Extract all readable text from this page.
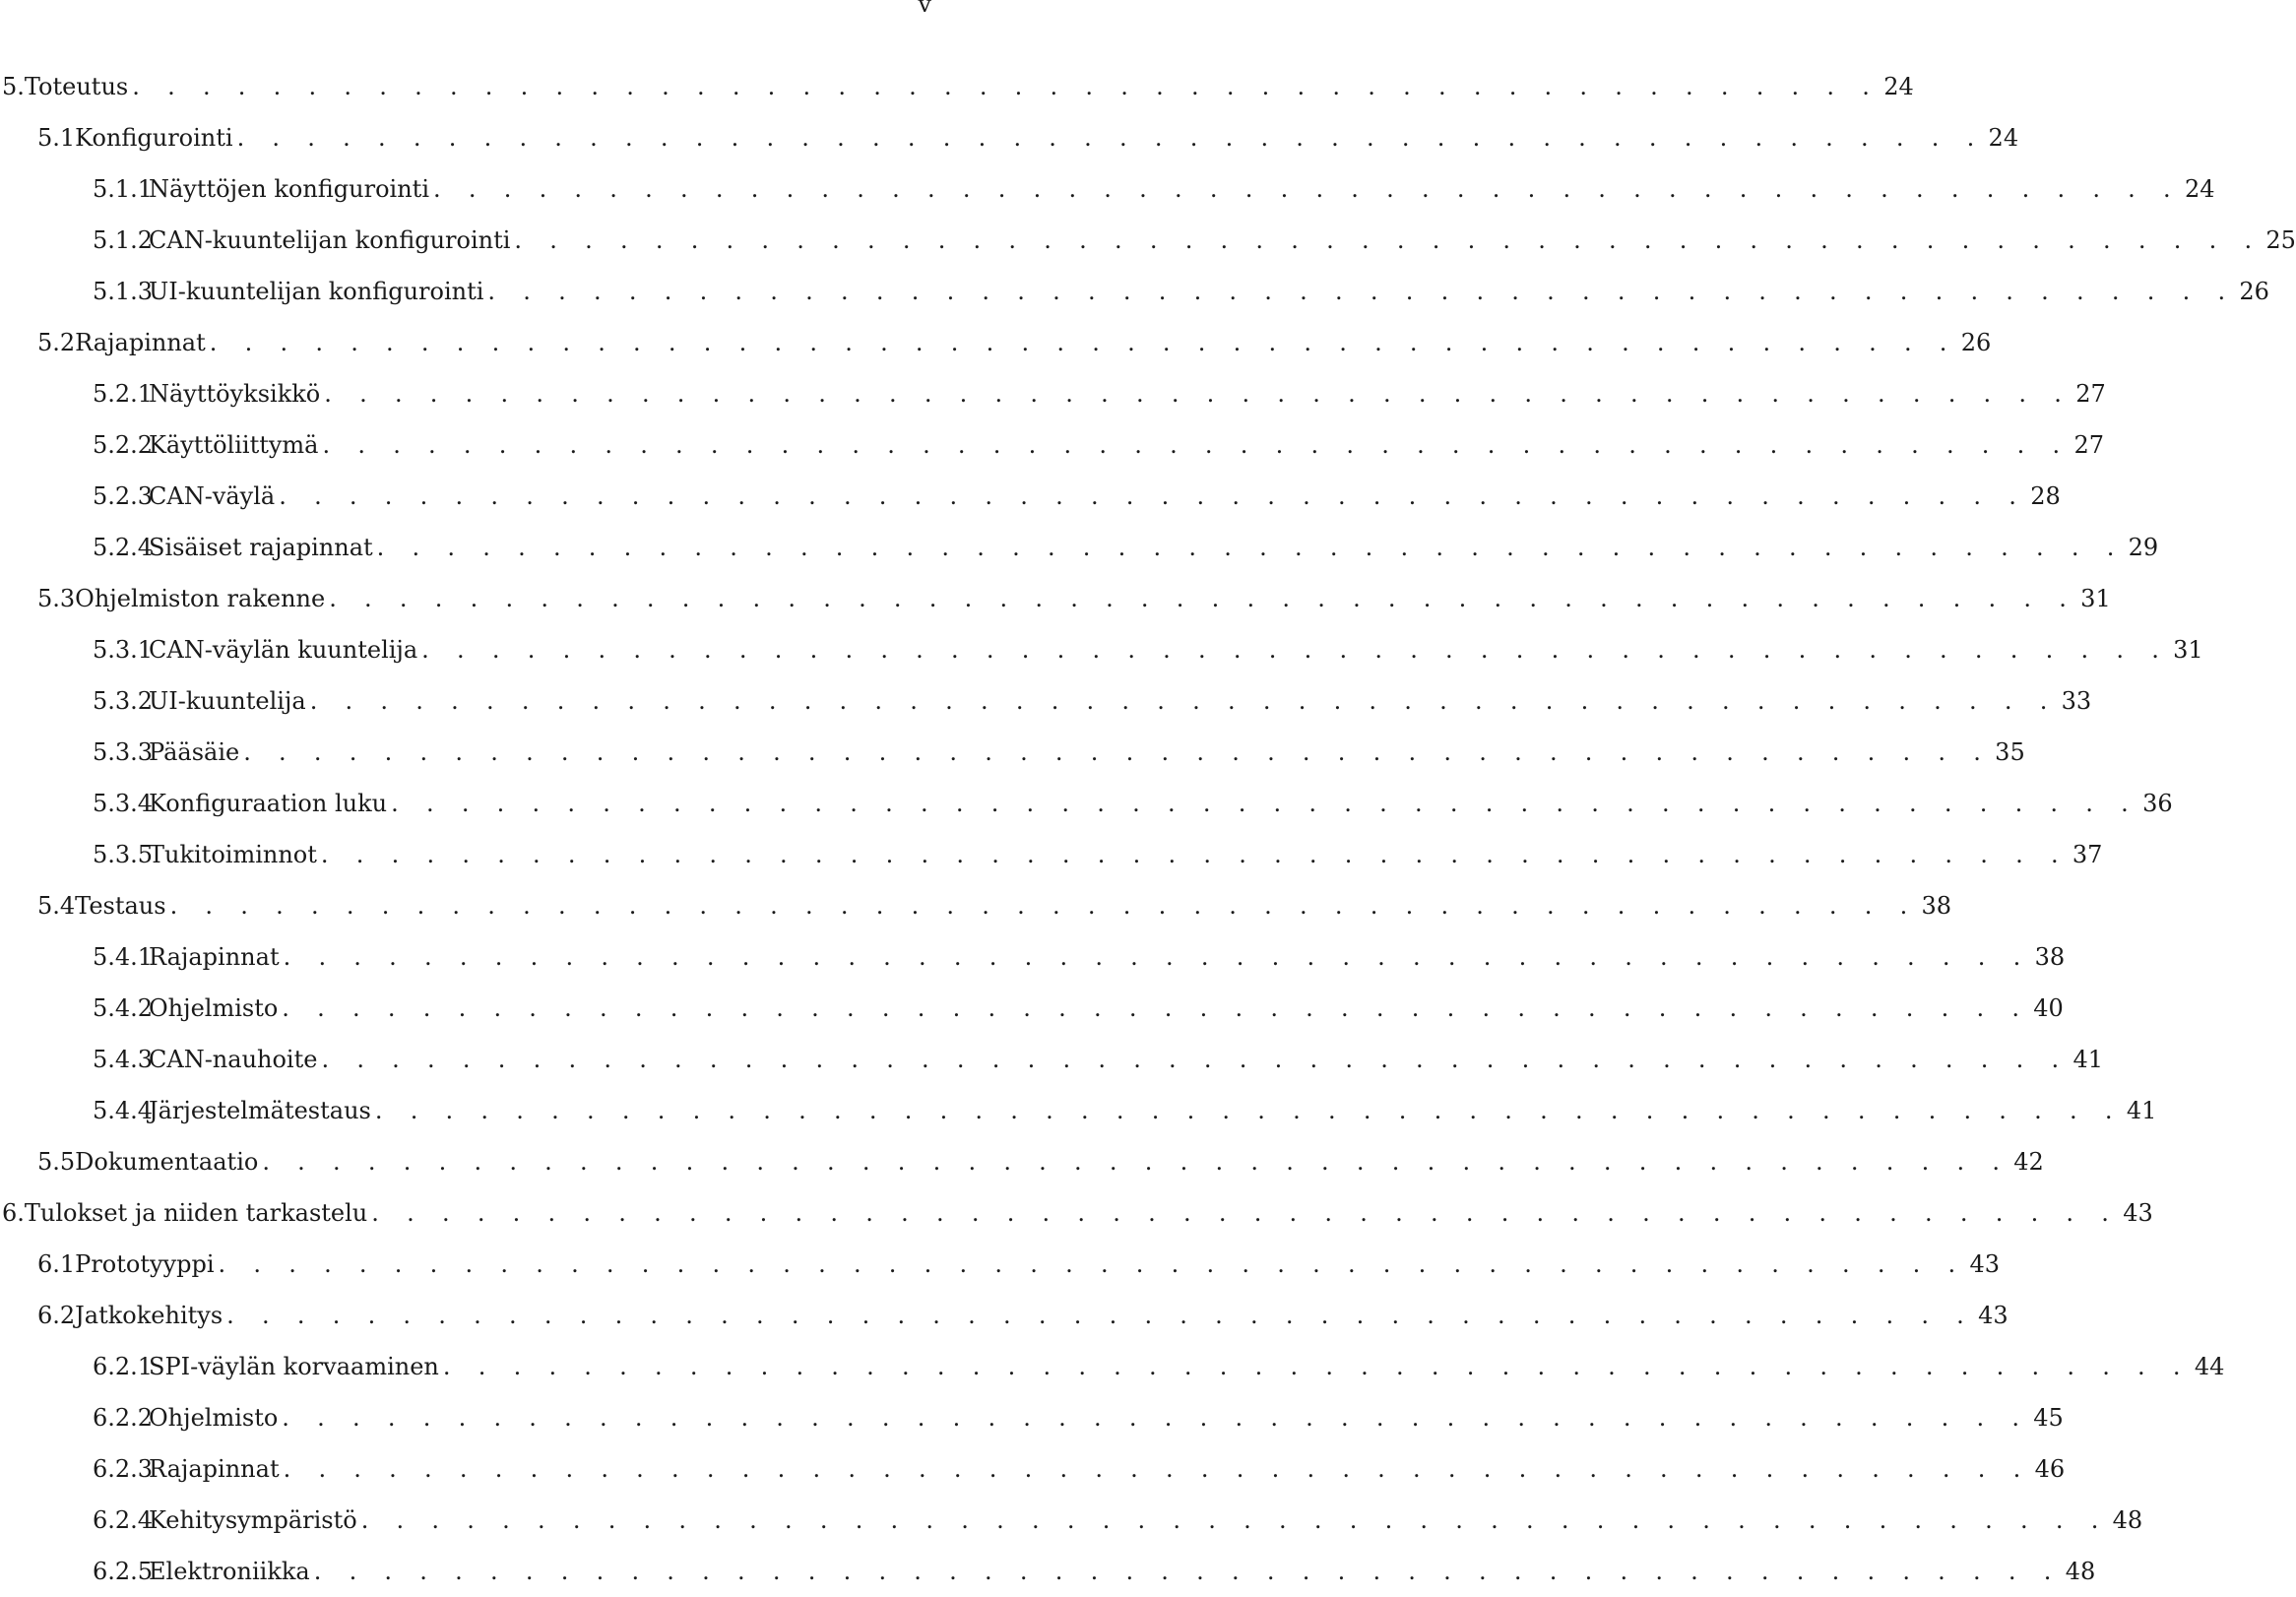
v
5. Toteutus . . . . . . . . . . . . . . . . . . . . . . . . . . . . . . . . . . . . . . . . . . . . . . . . . . 24
5.1 Konfigurointi . . . . . . . . . . . . . . . . . . . . . . . . . . . . . . . . . . . . . . . . . . . . . . . . . . 24
5.1.1
Näyttöjen konfigurointi . . . . . . . . . . . . . . . . . . . . . . . . . . . . . . . . . . . . . . . . . . . . . . . . . . 24
5.1.2
CAN-kuuntelijan konfigurointi . . . . . . . . . . . . . . . . . . . . . . . . . . . . . . . . . . . . . . . . . . . . . . . . . . 25
5.1.3
UI-kuuntelijan konfigurointi . . . . . . . . . . . . . . . . . . . . . . . . . . . . . . . . . . . . . . . . . . . . . . . . . . 26
5.2 Rajapinnat . . . . . . . . . . . . . . . . . . . . . . . . . . . . . . . . . . . . . . . . . . . . . . . . . . 26
5.2.1
Näyttöyksikkö . . . . . . . . . . . . . . . . . . . . . . . . . . . . . . . . . . . . . . . . . . . . . . . . . . 27
5.2.2
Käyttöliittymä . . . . . . . . . . . . . . . . . . . . . . . . . . . . . . . . . . . . . . . . . . . . . . . . . . 27
5.2.3
CAN-väylä . . . . . . . . . . . . . . . . . . . . . . . . . . . . . . . . . . . . . . . . . . . . . . . . . . 28
5.2.4
Sisäiset rajapinnat . . . . . . . . . . . . . . . . . . . . . . . . . . . . . . . . . . . . . . . . . . . . . . . . . . 29
5.3 Ohjelmiston rakenne . . . . . . . . . . . . . . . . . . . . . . . . . . . . . . . . . . . . . . . . . . . . . . . . . . 31
5.3.1
CAN-väylän kuuntelija . . . . . . . . . . . . . . . . . . . . . . . . . . . . . . . . . . . . . . . . . . . . . . . . . . 31
5.3.2
UI-kuuntelija . . . . . . . . . . . . . . . . . . . . . . . . . . . . . . . . . . . . . . . . . . . . . . . . . . 33
5.3.3
Pääsäie . . . . . . . . . . . . . . . . . . . . . . . . . . . . . . . . . . . . . . . . . . . . . . . . . . 35
5.3.4
Konfiguraation luku . . . . . . . . . . . . . . . . . . . . . . . . . . . . . . . . . . . . . . . . . . . . . . . . . . 36
5.3.5
Tukitoiminnot . . . . . . . . . . . . . . . . . . . . . . . . . . . . . . . . . . . . . . . . . . . . . . . . . . 37
5.4 Testaus . . . . . . . . . . . . . . . . . . . . . . . . . . . . . . . . . . . . . . . . . . . . . . . . . . 38
5.4.1
Rajapinnat . . . . . . . . . . . . . . . . . . . . . . . . . . . . . . . . . . . . . . . . . . . . . . . . . . 38
5.4.2
Ohjelmisto . . . . . . . . . . . . . . . . . . . . . . . . . . . . . . . . . . . . . . . . . . . . . . . . . . 40
5.4.3
CAN-nauhoite . . . . . . . . . . . . . . . . . . . . . . . . . . . . . . . . . . . . . . . . . . . . . . . . . . 41
5.4.4
Järjestelmätestaus . . . . . . . . . . . . . . . . . . . . . . . . . . . . . . . . . . . . . . . . . . . . . . . . . . 41
5.5 Dokumentaatio . . . . . . . . . . . . . . . . . . . . . . . . . . . . . . . . . . . . . . . . . . . . . . . . . . 42
6. Tulokset ja niiden tarkastelu . . . . . . . . . . . . . . . . . . . . . . . . . . . . . . . . . . . . . . . . . . . . . . . . . . 43
6.1 Prototyyppi . . . . . . . . . . . . . . . . . . . . . . . . . . . . . . . . . . . . . . . . . . . . . . . . . . 43
6.2 Jatkokehitys . . . . . . . . . . . . . . . . . . . . . . . . . . . . . . . . . . . . . . . . . . . . . . . . . . 43
6.2.1
SPI-väylän korvaaminen . . . . . . . . . . . . . . . . . . . . . . . . . . . . . . . . . . . . . . . . . . . . . . . . . . 44
6.2.2
Ohjelmisto . . . . . . . . . . . . . . . . . . . . . . . . . . . . . . . . . . . . . . . . . . . . . . . . . . 45
6.2.3
Rajapinnat . . . . . . . . . . . . . . . . . . . . . . . . . . . . . . . . . . . . . . . . . . . . . . . . . . 46
6.2.4
Kehitysympäristö . . . . . . . . . . . . . . . . . . . . . . . . . . . . . . . . . . . . . . . . . . . . . . . . . . 48
6.2.5
Elektroniikka . . . . . . . . . . . . . . . . . . . . . . . . . . . . . . . . . . . . . . . . . . . . . . . . . . 48
